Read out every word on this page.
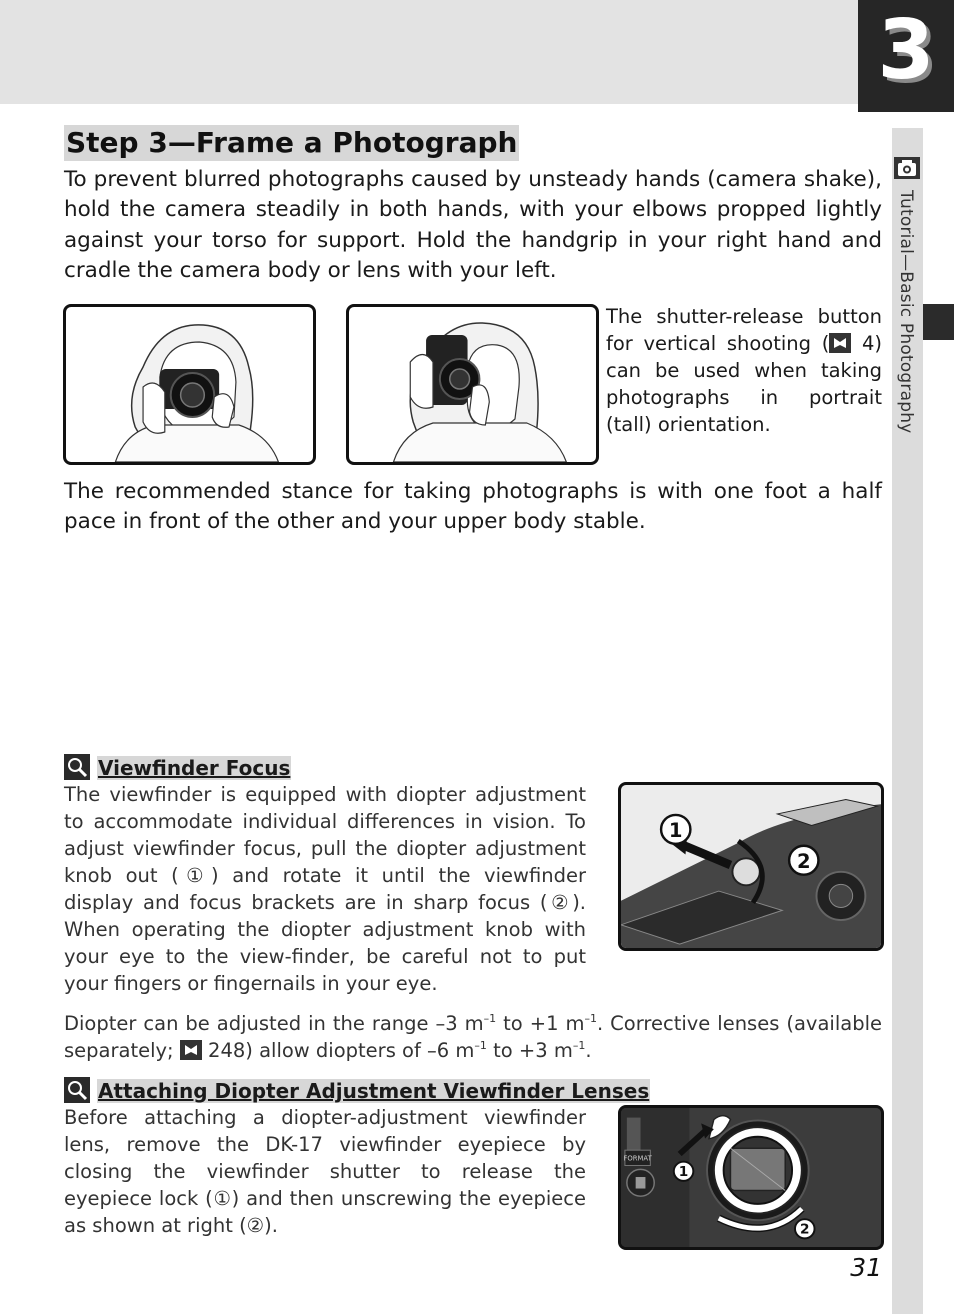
3
Tutorial—Basic Photography
Step 3—Frame a Photograph

To prevent blurred photographs caused by unsteady hands (camera shake), hold the camera steadily in both hands, with your elbows propped lightly against your torso for support. Hold the handgrip in your right hand and cradle the camera body or lens with your left.

The shutter-release button for vertical shooting ( 4) can be used when taking photographs in portrait (tall) orientation.

The recommended stance for taking photographs is with one foot a half pace in front of the other and your upper body stable.

Viewfinder Focus

The viewfinder is equipped with diopter adjustment to accommodate individual differences in vision. To adjust viewfinder focus, pull the diopter adjustment knob out (①) and rotate it until the viewfinder display and focus brackets are in sharp focus (②). When operating the diopter adjustment knob with your eye to the view-finder, be careful not to put your fingers or fingernails in your eye.

1
2

Diopter can be adjusted in the range –3 $m^{-1}$ to +1 $m^{-1}$. Corrective lenses (available separately;  248) allow diopters of –6 $m^{-1}$ to +3 $m^{-1}$.

Attaching Diopter Adjustment Viewfinder Lenses

Before attaching a diopter-adjustment viewfinder lens, remove the DK-17 viewfinder eyepiece by closing the viewfinder shutter to release the eyepiece lock (①) and then unscrewing the eyepiece as shown at right (②).

FORMAT
1
2
31
